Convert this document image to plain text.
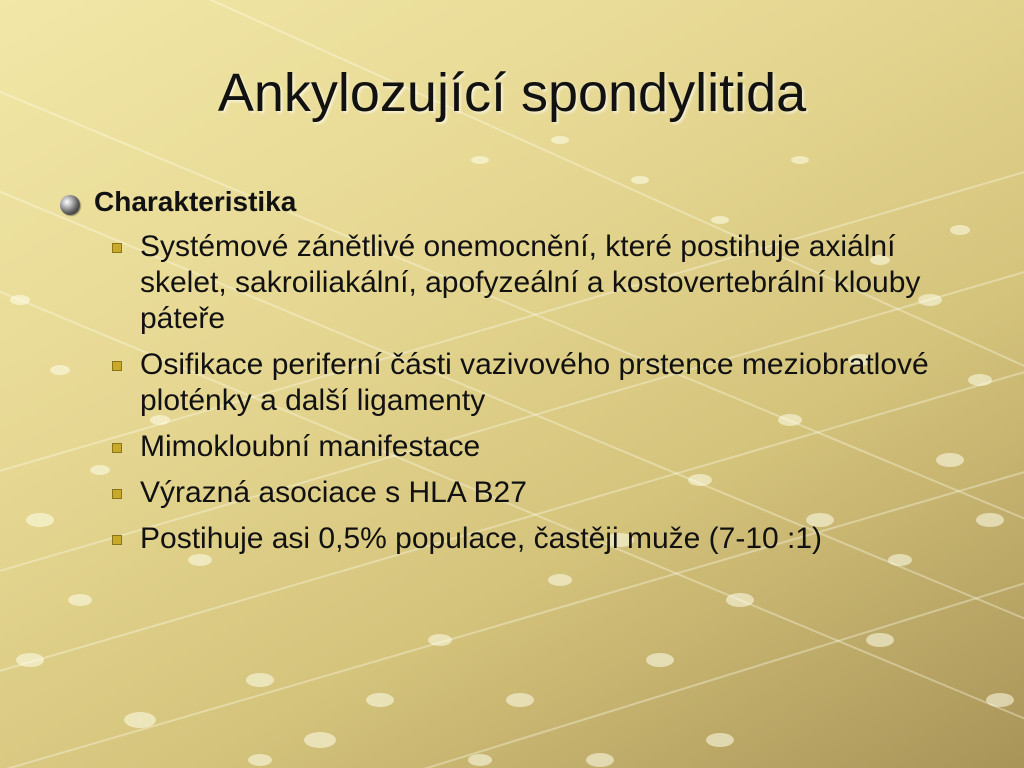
Ankylozující spondylitida
Charakteristika
Systémové zánětlivé onemocnění, které postihuje axiální skelet, sakroiliakální, apofyzeální a kostovertebrální klouby páteře
Osifikace periferní části vazivového prstence meziobratlové ploténky a další ligamenty
Mimokloubní manifestace
Výrazná asociace s HLA B27
Postihuje asi 0,5% populace, častěji muže (7-10 :1)
